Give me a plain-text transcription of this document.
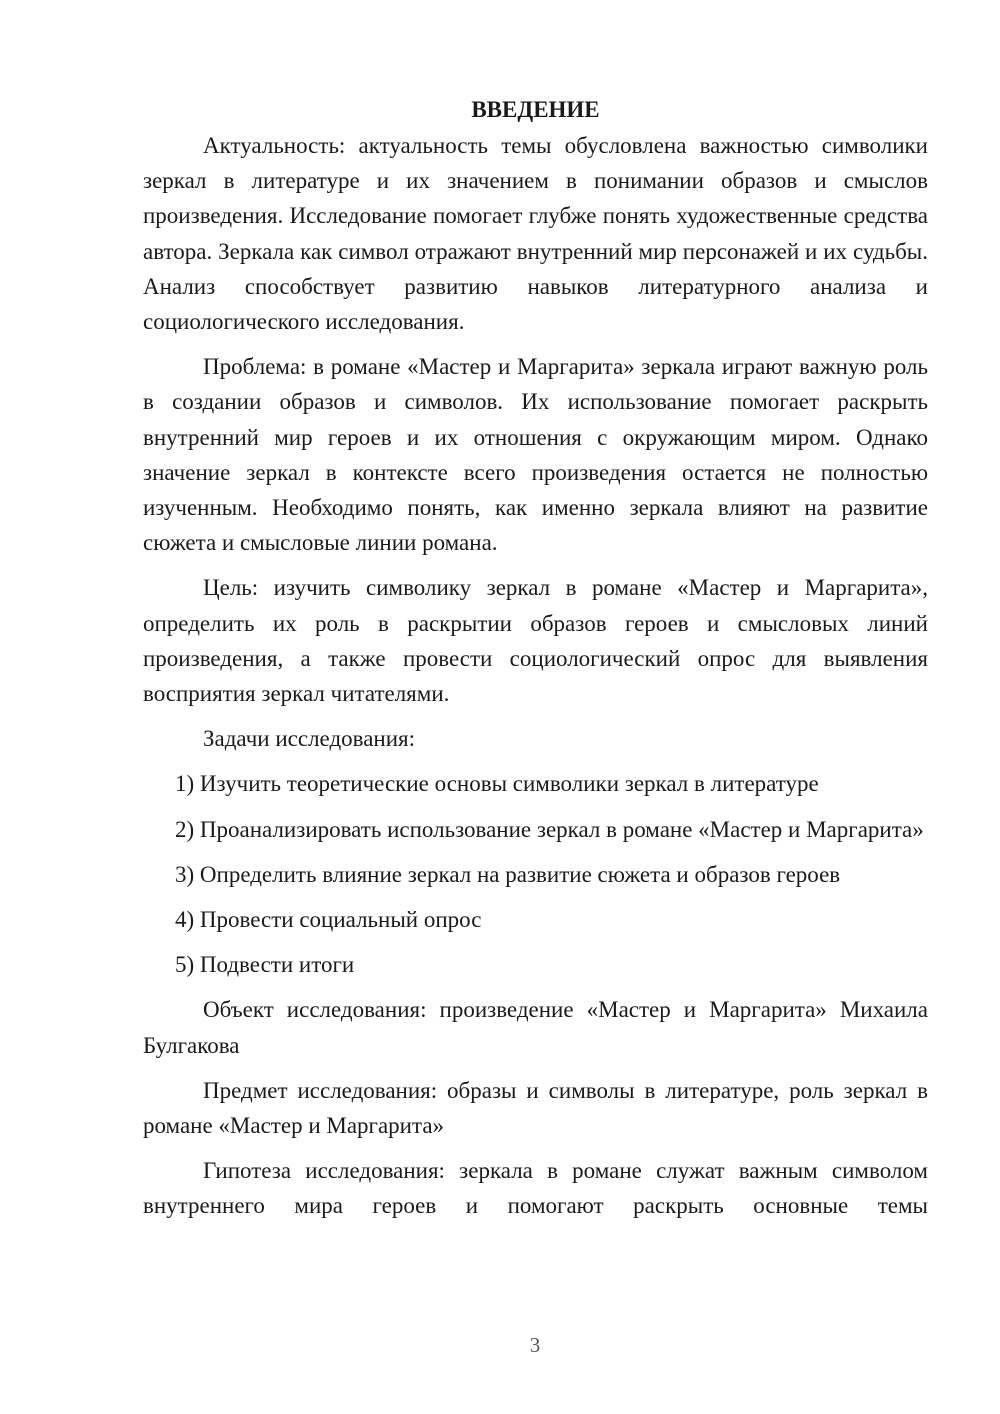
ВВЕДЕНИЕ

Актуальность: актуальность темы обусловлена важностью символики зеркал в литературе и их значением в понимании образов и смыслов произведения. Исследование помогает глубже понять художественные средства автора. Зеркала как символ отражают внутренний мир персонажей и их судьбы. Анализ способствует развитию навыков литературного анализа и социологического исследования.

Проблема: в романе «Мастер и Маргарита» зеркала играют важную роль в создании образов и символов. Их использование помогает раскрыть внутренний мир героев и их отношения с окружающим миром. Однако значение зеркал в контексте всего произведения остается не полностью изученным. Необходимо понять, как именно зеркала влияют на развитие сюжета и смысловые линии романа.

Цель: изучить символику зеркал в романе «Мастер и Маргарита», определить их роль в раскрытии образов героев и смысловых линий произведения, а также провести социологический опрос для выявления восприятия зеркал читателями.

Задачи исследования:

1) Изучить теоретические основы символики зеркал в литературе

2) Проанализировать использование зеркал в романе «Мастер и Маргарита»

3) Определить влияние зеркал на развитие сюжета и образов героев

4) Провести социальный опрос

5) Подвести итоги

Объект исследования: произведение «Мастер и Маргарита» Михаила Булгакова

Предмет исследования: образы и символы в литературе, роль зеркал в романе «Мастер и Маргарита»

Гипотеза исследования: зеркала в романе служат важным символом внутреннего мира героев и помогают раскрыть основные темы

3
